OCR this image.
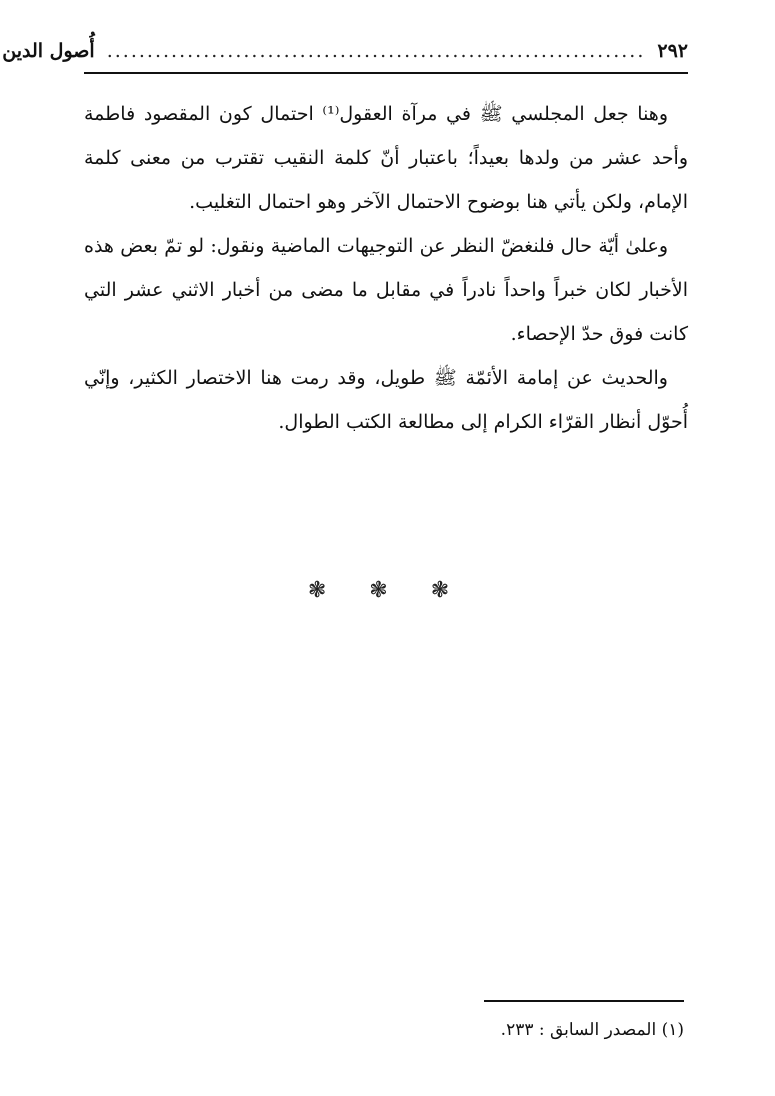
٢٩٢
...................................................................
أُصول الدين

وهنا جعل المجلسي ﷺ في مرآة العقول⁽¹⁾ احتمال كون المقصود فاطمة وأحد عشر من ولدها بعيداً؛ باعتبار أنّ كلمة النقيب تقترب من معنى كلمة الإمام، ولكن يأتي هنا بوضوح الاحتمال الآخر وهو احتمال التغليب.

وعلىٰ أيّة حال فلنغضّ النظر عن التوجيهات الماضية ونقول: لو تمّ بعض هذه الأخبار لكان خبراً واحداً نادراً في مقابل ما مضى من أخبار الاثني عشر التي كانت فوق حدّ الإحصاء.

والحديث عن إمامة الأئمّة ﷺ طويل، وقد رمت هنا الاختصار الكثير، وإنّي أُحوّل أنظار القرّاء الكرام إلى مطالعة الكتب الطوال.

❃ ❃ ❃
(١) المصدر السابق : ٢٣٣.
